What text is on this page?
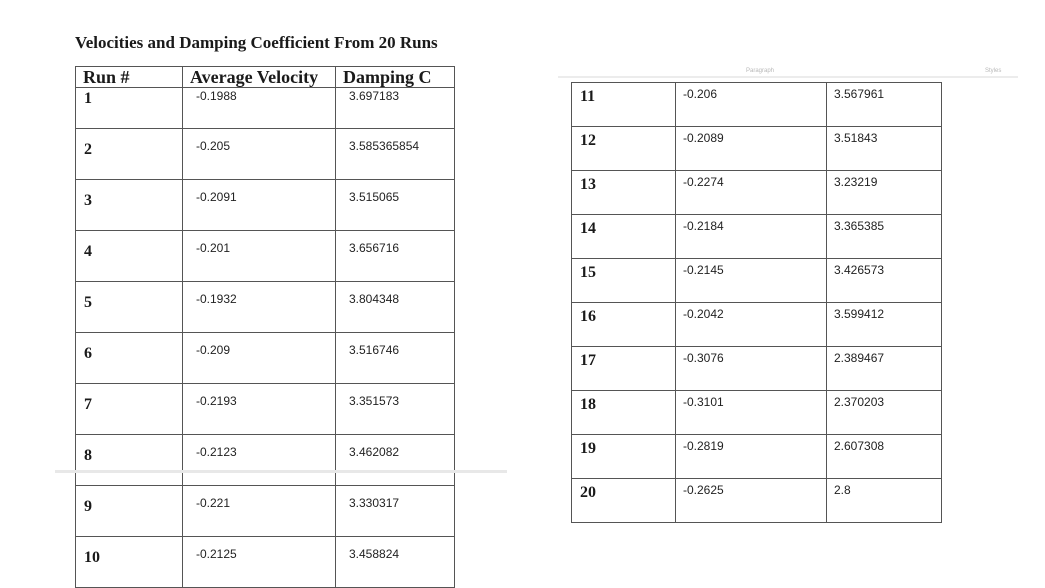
Velocities and Damping Coefficient From 20 Runs
Paragraph	Styles
Run #	Average Velocity	Damping C
1	-0.1988	3.697183
2	-0.205	3.585365854
3	-0.2091	3.515065
4	-0.201	3.656716
5	-0.1932	3.804348
6	-0.209	3.516746
7	-0.2193	3.351573
8	-0.2123	3.462082
9	-0.221	3.330317
10	-0.2125	3.458824
11	-0.206	3.567961
12	-0.2089	3.51843
13	-0.2274	3.23219
14	-0.2184	3.365385
15	-0.2145	3.426573
16	-0.2042	3.599412
17	-0.3076	2.389467
18	-0.3101	2.370203
19	-0.2819	2.607308
20	-0.2625	2.8
